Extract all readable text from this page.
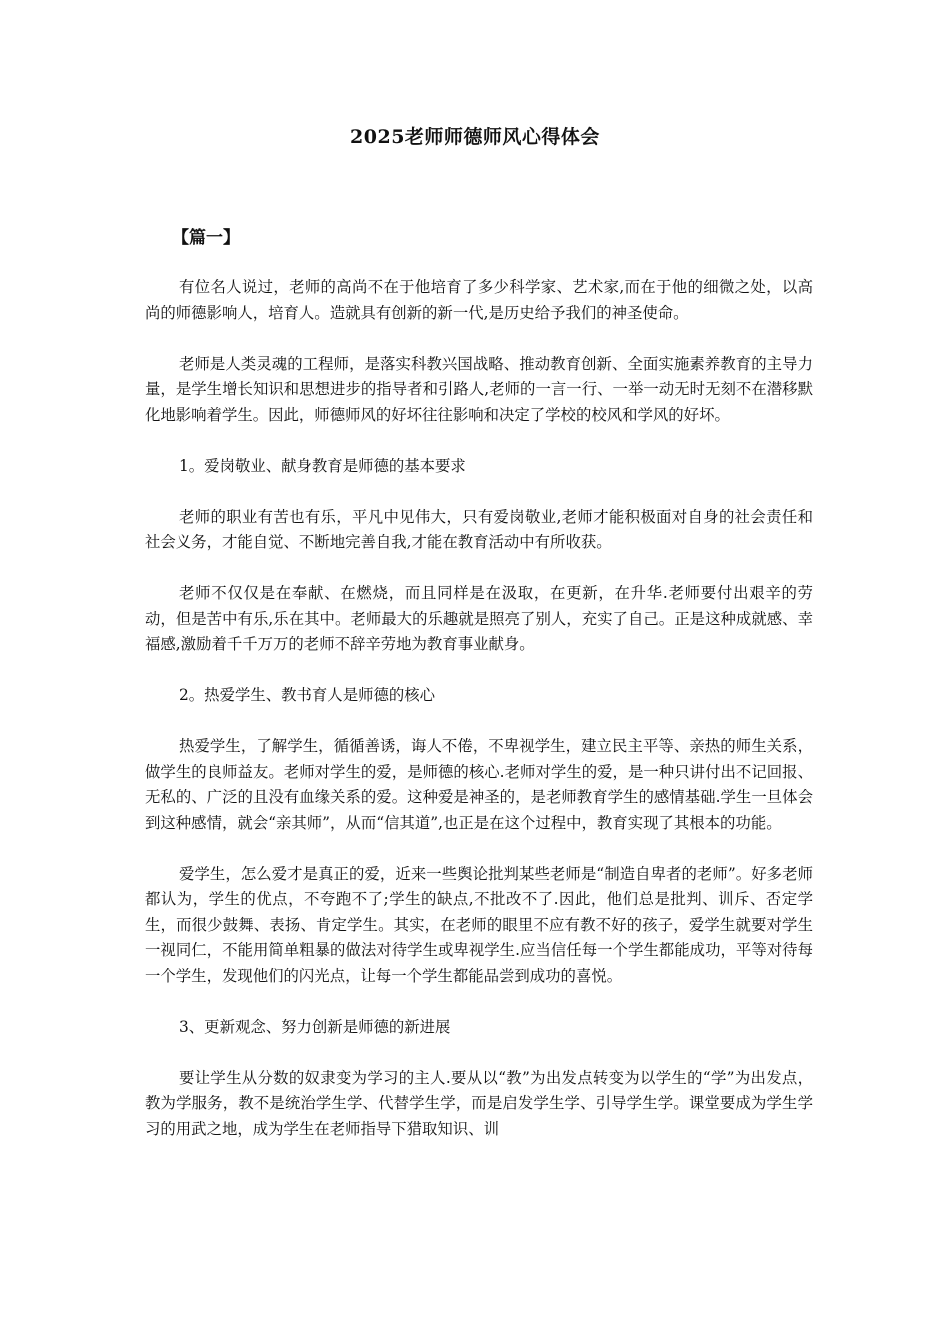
2025老师师德师风心得体会
【篇一】

有位名人说过，老师的高尚不在于他培育了多少科学家、艺术家,而在于他的细微之处，以高尚的师德影响人，培育人。造就具有创新的新一代,是历史给予我们的神圣使命。

老师是人类灵魂的工程师，是落实科教兴国战略、推动教育创新、全面实施素养教育的主导力量，是学生增长知识和思想进步的指导者和引路人,老师的一言一行、一举一动无时无刻不在潜移默化地影响着学生。因此，师德师风的好坏往往影响和决定了学校的校风和学风的好坏。

1。爱岗敬业、献身教育是师德的基本要求

老师的职业有苦也有乐，平凡中见伟大，只有爱岗敬业,老师才能积极面对自身的社会责任和社会义务，才能自觉、不断地完善自我,才能在教育活动中有所收获。

老师不仅仅是在奉献、在燃烧，而且同样是在汲取，在更新，在升华.老师要付出艰辛的劳动，但是苦中有乐,乐在其中。老师最大的乐趣就是照亮了别人，充实了自己。正是这种成就感、幸福感,激励着千千万万的老师不辞辛劳地为教育事业献身。

2。热爱学生、教书育人是师德的核心

热爱学生，了解学生，循循善诱，诲人不倦，不卑视学生，建立民主平等、亲热的师生关系，做学生的良师益友。老师对学生的爱，是师德的核心.老师对学生的爱，是一种只讲付出不记回报、无私的、广泛的且没有血缘关系的爱。这种爱是神圣的，是老师教育学生的感情基础.学生一旦体会到这种感情，就会“亲其师”，从而“信其道”,也正是在这个过程中，教育实现了其根本的功能。

爱学生，怎么爱才是真正的爱，近来一些舆论批判某些老师是“制造自卑者的老师”。好多老师都认为，学生的优点，不夸跑不了;学生的缺点,不批改不了.因此，他们总是批判、训斥、否定学生，而很少鼓舞、表扬、肯定学生。其实，在老师的眼里不应有教不好的孩子，爱学生就要对学生一视同仁，不能用简单粗暴的做法对待学生或卑视学生.应当信任每一个学生都能成功，平等对待每一个学生，发现他们的闪光点，让每一个学生都能品尝到成功的喜悦。

3、更新观念、努力创新是师德的新进展

要让学生从分数的奴隶变为学习的主人.要从以“教”为出发点转变为以学生的“学”为出发点，教为学服务，教不是统治学生学、代替学生学，而是启发学生学、引导学生学。课堂要成为学生学习的用武之地，成为学生在老师指导下猎取知识、训
